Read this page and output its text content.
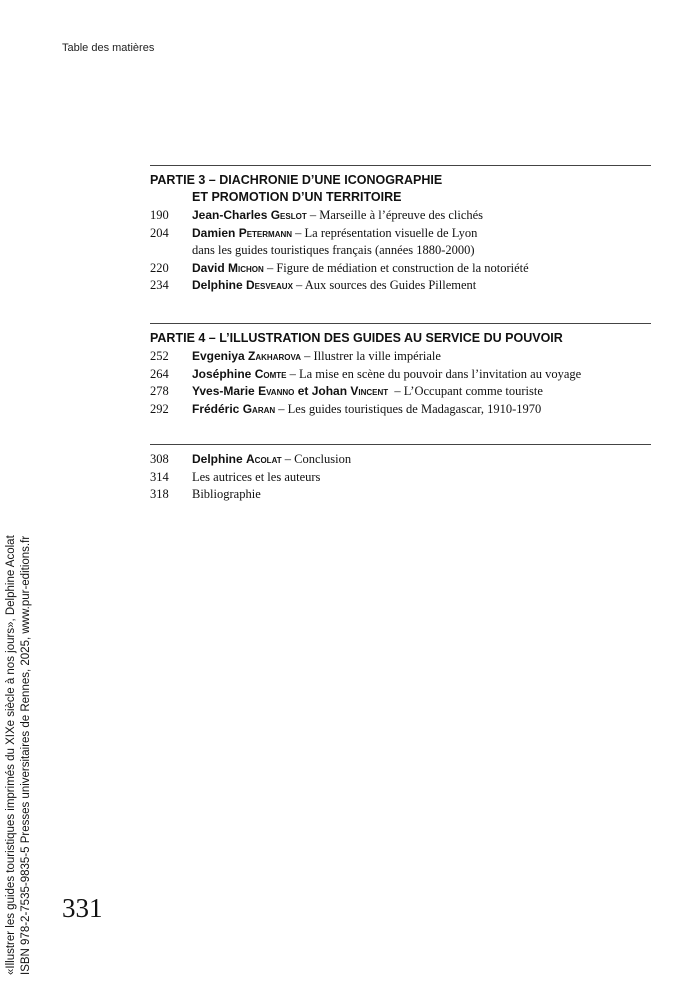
Table des matières
PARTIE 3 – DIACHRONIE D’UNE ICONOGRAPHIE
ET PROMOTION D’UN TERRITOIRE
190	Jean-Charles Geslot – Marseille à l’épreuve des clichés
204	Damien Petermann – La représentation visuelle de Lyon
dans les guides touristiques français (années 1880-2000)
220	David Michon – Figure de médiation et construction de la notoriété
234	Delphine Desveaux – Aux sources des Guides Pillement
PARTIE 4 – L’ILLUSTRATION DES GUIDES AU SERVICE DU POUVOIR
252	Evgeniya Zakharova – Illustrer la ville impériale
264	Joséphine Comte – La mise en scène du pouvoir dans l’invitation au voyage
278	Yves-Marie Evanno et Johan Vincent  – L’Occupant comme touriste
292	Frédéric Garan – Les guides touristiques de Madagascar, 1910-1970
308	Delphine Acolat – Conclusion
314	Les autrices et les auteurs
318	Bibliographie
331
«Illustrer les guides touristiques imprimés du XIXe siècle à nos jours», Delphine Acolat ISBN 978-2-7535-9835-5 Presses universitaires de Rennes, 2025, www.pur-editions.fr
